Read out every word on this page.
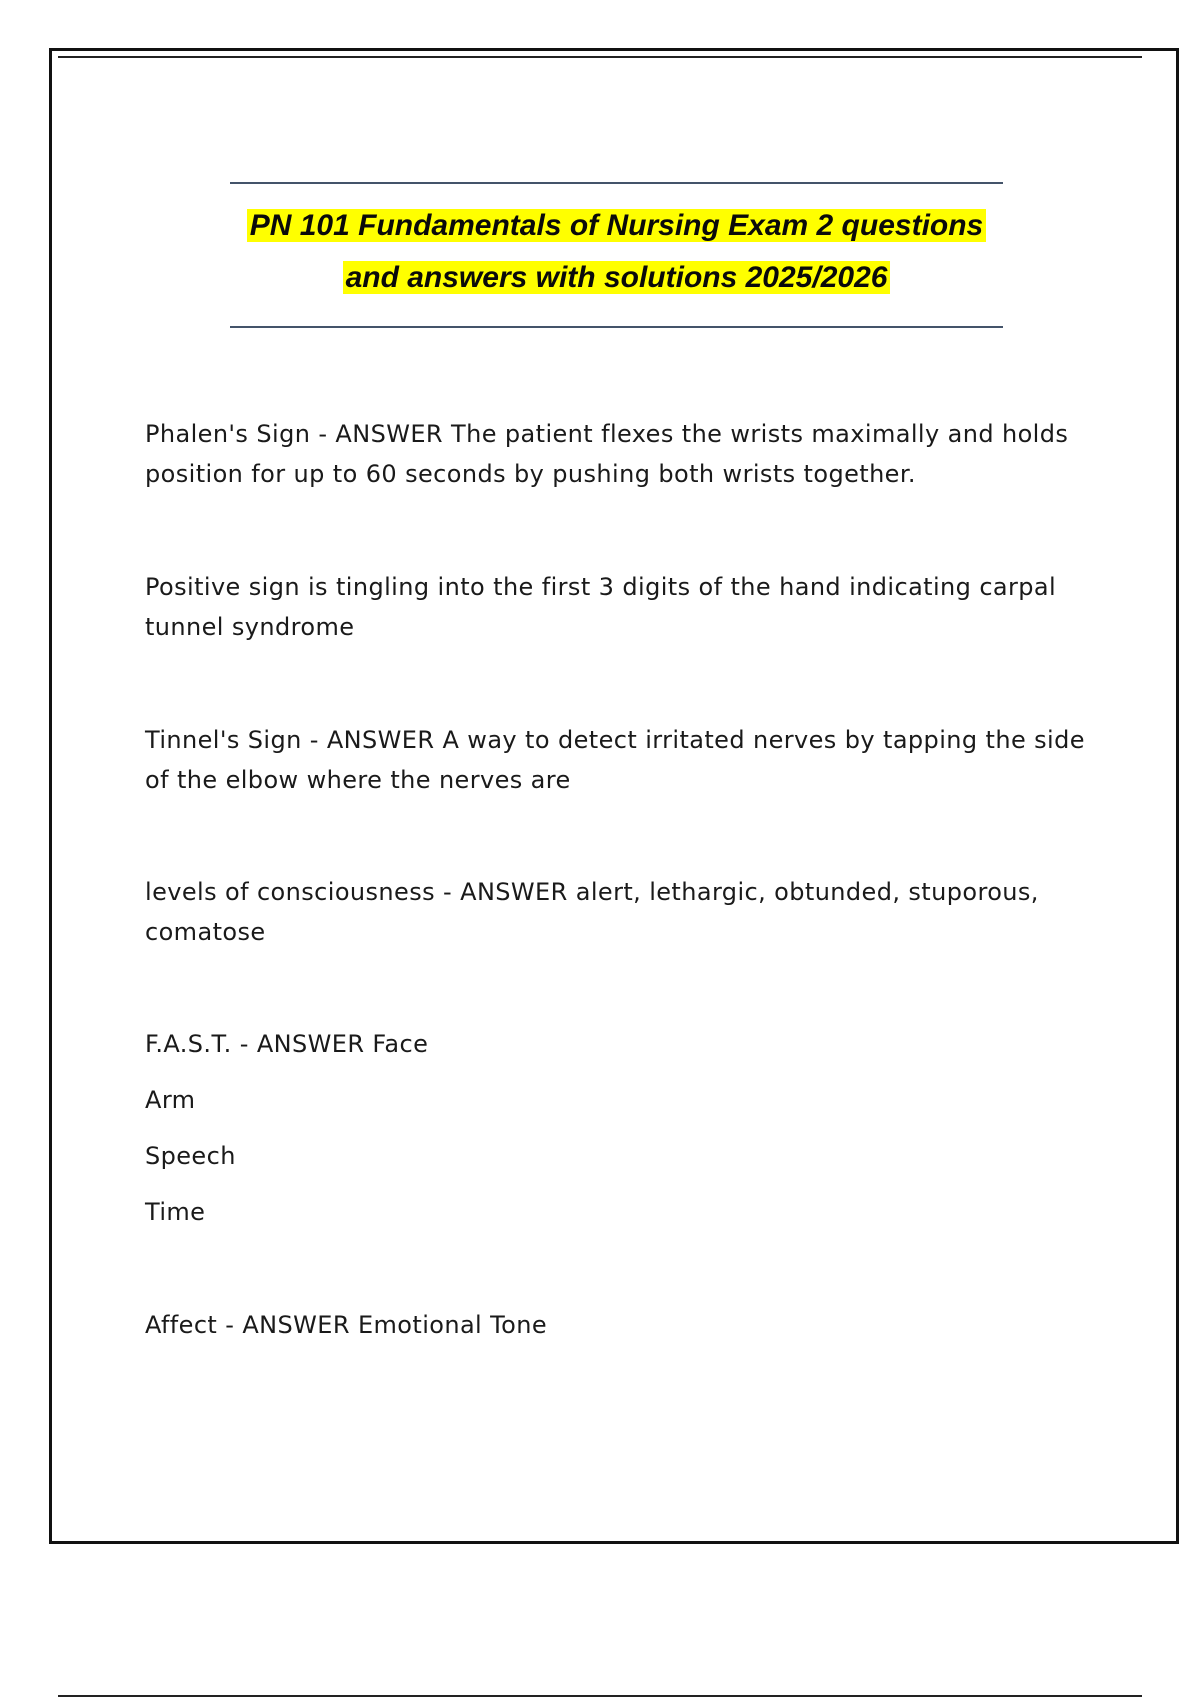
PN 101 Fundamentals of Nursing Exam 2 questions
and answers with solutions 2025/2026

Phalen's Sign - ANSWER The patient flexes the wrists maximally and holds position for up to 60 seconds by pushing both wrists together.

Positive sign is tingling into the first 3 digits of the hand indicating carpal tunnel syndrome

Tinnel's Sign - ANSWER A way to detect irritated nerves by tapping the side of the elbow where the nerves are

levels of consciousness - ANSWER alert, lethargic, obtunded, stuporous, comatose

F.A.S.T. - ANSWER Face

Arm

Speech

Time

Affect - ANSWER Emotional Tone
